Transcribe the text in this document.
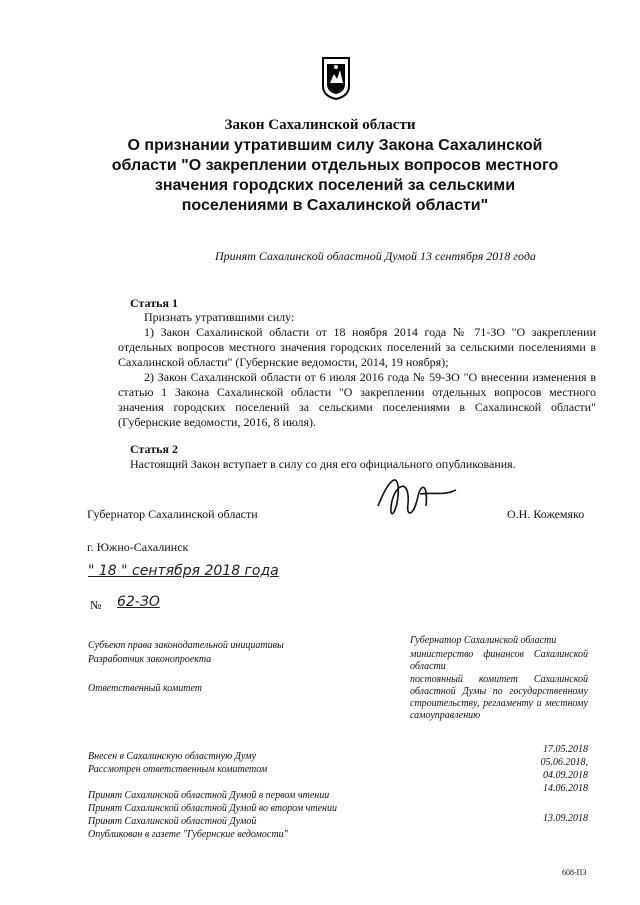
Закон Сахалинской области
О признании утратившим силу Закона Сахалинской области "О закреплении отдельных вопросов местного значения городских поселений за сельскими поселениями в Сахалинской области"
Принят Сахалинской областной Думой 13 сентября 2018 года
Статья 1

Признать утратившими силу:

1) Закон Сахалинской области от 18 ноября 2014 года № 71-ЗО "О закреплении отдельных вопросов местного значения городских поселений за сельскими поселениями в Сахалинской области" (Губернские ведомости, 2014, 19 ноября);

2) Закон Сахалинской области от 6 июля 2016 года № 59-ЗО "О внесении изменения в статью 1 Закона Сахалинской области "О закреплении отдельных вопросов местного значения городских поселений за сельскими поселениями в Сахалинской области" (Губернские ведомости, 2016, 8 июля).

Статья 2
Настоящий Закон вступает в силу со дня его официального опубликования.
Губернатор Сахалинской области	О.Н. Кожемяко
г. Южно-Сахалинск
" 18 " сентября 2018 года
№ 62-ЗО
Субъект права законодательной инициативы
Разработчик законопроекта
Ответственный комитет
Внесен в Сахалинскую областную Думу
Рассмотрен ответственным комитетом
Принят Сахалинской областной Думой в первом чтении
Принят Сахалинской областной Думой во втором чтении
Принят Сахалинской областной Думой
Опубликован в газете "Губернские ведомости"
Губернатор Сахалинской области
министерство финансов Сахалинской области
постоянный комитет Сахалинской областной Думы по государственному строительству, регламенту и местному самоуправлению
17.05.2018
05.06.2018,
04.09.2018
14.06.2018
13.09.2018
608-ПЗ
